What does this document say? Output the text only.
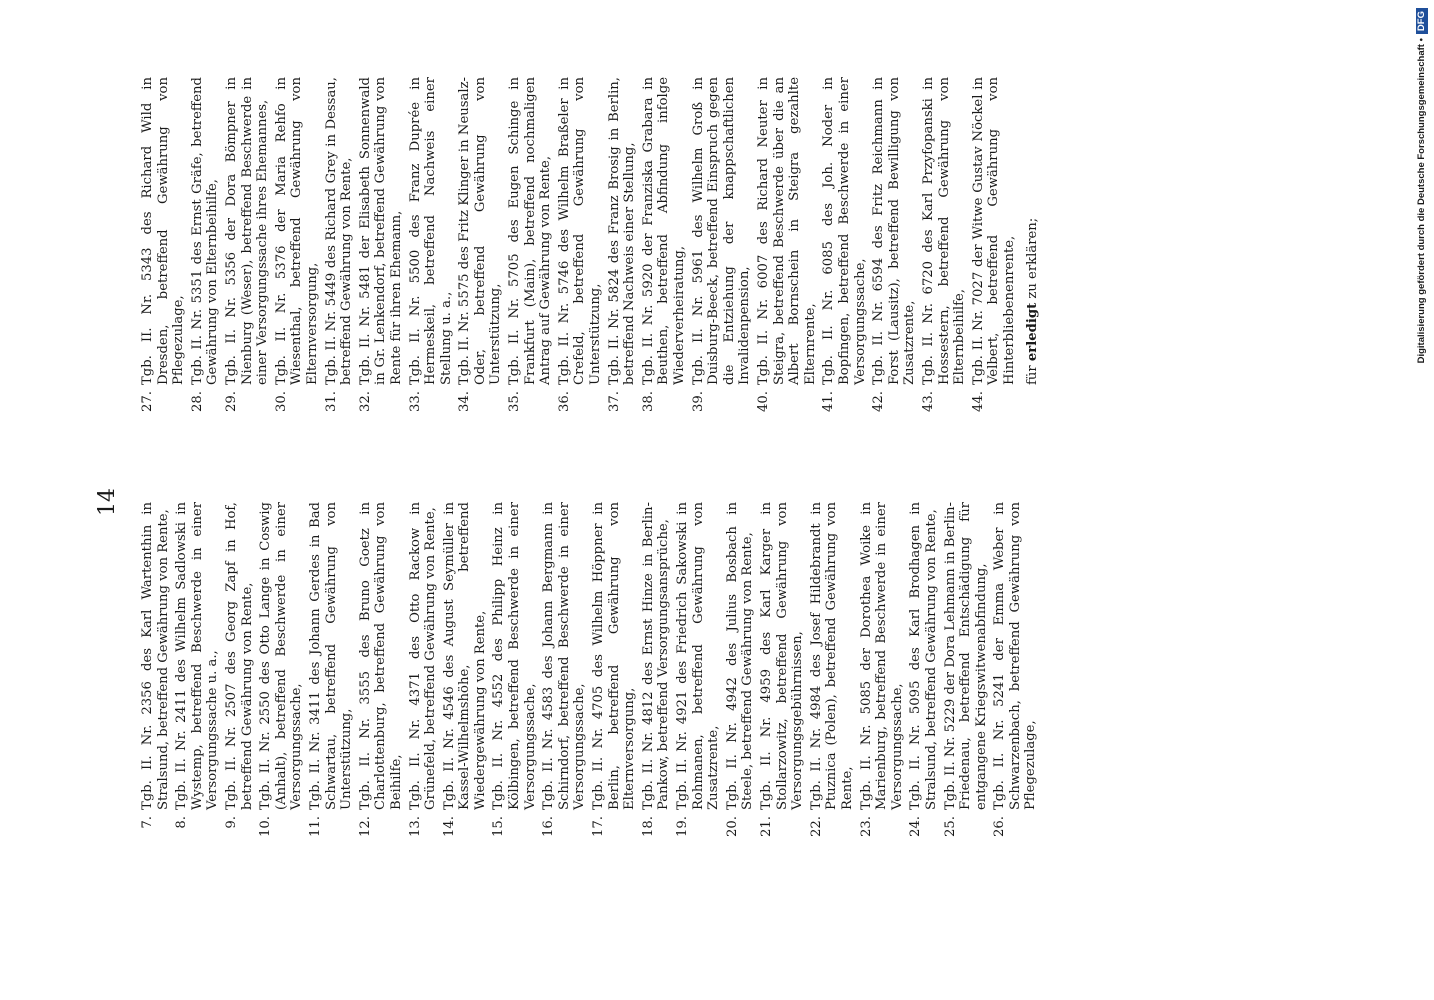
14
7.
Tgb. II. Nr. 2356 des Karl Wartenthin in Stralsund, betreffend Gewährung von Rente,
8.
Tgb. II. Nr. 2411 des Wilhelm Sadlowski in Wystemp, betreffend Beschwerde in einer Versorgungssache u. a.,
9.
Tgb. II. Nr. 2507 des Georg Zapf in Hof, betreffend Gewährung von Rente,
10.
Tgb. II. Nr. 2550 des Otto Lange in Coswig (Anhalt), betreffend Beschwerde in einer Versorgungssache,
11.
Tgb. II. Nr. 3411 des Johann Gerdes in Bad Schwartau, betreffend Gewährung von Unterstützung,
12.
Tgb. II. Nr. 3555 des Bruno Goetz in Charlottenburg, betreffend Gewährung von Beihilfe,
13.
Tgb. II. Nr. 4371 des Otto Rackow in Grünefeld, betreffend Gewährung von Rente,
14.
Tgb. II. Nr. 4546 des August Seymüller in Kassel-Wilhelmshöhe, betreffend Wiedergewährung von Rente,
15.
Tgb. II. Nr. 4552 des Philipp Heinz in Kölbingen, betreffend Beschwerde in einer Versorgungssache,
16.
Tgb. II. Nr. 4583 des Johann Bergmann in Schirndorf, betreffend Beschwerde in einer Versorgungssache,
17.
Tgb. II. Nr. 4705 des Wilhelm Höppner in Berlin, betreffend Gewährung von Elternversorgung,
18.
Tgb. II. Nr. 4812 des Ernst Hinze in Berlin-Pankow, betreffend Versorgungsansprüche,
19.
Tgb. II. Nr. 4921 des Friedrich Sakowski in Rohmanen, betreffend Gewährung von Zusatzrente,
20.
Tgb. II. Nr. 4942 des Julius Bosbach in Steele, betreffend Gewährung von Rente,
21.
Tgb. II. Nr. 4959 des Karl Karger in Stollarzowitz, betreffend Gewährung von Versorgungsgebührnissen,
22.
Tgb. II. Nr. 4984 des Josef Hildebrandt in Ptuznica (Polen), betreffend Gewährung von Rente,
23.
Tgb. II. Nr. 5085 der Dorothea Woike in Marienburg, betreffend Beschwerde in einer Versorgungssache,
24.
Tgb. II. Nr. 5095 des Karl Brodhagen in Stralsund, betreffend Gewährung von Rente,
25.
Tgb. II. Nr. 5229 der Dora Lehmann in Berlin-Friedenau, betreffend Entschädigung für entgangene Kriegswitwenabfindung,
26.
Tgb. II. Nr. 5241 der Emma Weber in Schwarzenbach, betreffend Gewährung von Pflegezulage,
27.
Tgb. II. Nr. 5343 des Richard Wild in Dresden, betreffend Gewährung von Pflegezulage,
28.
Tgb. II. Nr. 5351 des Ernst Gräfe, betreffend Gewährung von Elternbeihilfe,
29.
Tgb. II. Nr. 5356 der Dora Bömpner in Nienburg (Weser), betreffend Beschwerde in einer Versorgungssache ihres Ehemannes,
30.
Tgb. II. Nr. 5376 der Maria Rehfo in Wiesenthal, betreffend Gewährung von Elternversorgung,
31.
Tgb. II. Nr. 5449 des Richard Grey in Dessau, betreffend Gewährung von Rente,
32.
Tgb. II. Nr. 5481 der Elisabeth Sonnenwald in Gr. Lenkendorf, betreffend Gewährung von Rente für ihren Ehemann,
33.
Tgb. II. Nr. 5500 des Franz Duprée in Hermeskeil, betreffend Nachweis einer Stellung u. a.,
34.
Tgb. II. Nr. 5575 des Fritz Klinger in Neusalz-Oder, betreffend Gewährung von Unterstützung,
35.
Tgb. II. Nr. 5705 des Eugen Schinge in Frankfurt (Main), betreffend nochmaligen Antrag auf Gewährung von Rente,
36.
Tgb. II. Nr. 5746 des Wilhelm Braßeler in Crefeld, betreffend Gewährung von Unterstützung,
37.
Tgb. II. Nr. 5824 des Franz Brosig in Berlin, betreffend Nachweis einer Stellung,
38.
Tgb. II. Nr. 5920 der Franziska Grabara in Beuthen, betreffend Abfindung infolge Wiederverheiratung,
39.
Tgb. II. Nr. 5961 des Wilhelm Groß in Duisburg-Beeck, betreffend Einspruch gegen die Entziehung der knappschaftlichen Invalidenpension,
40.
Tgb. II. Nr. 6007 des Richard Neuter in Steigra, betreffend Beschwerde über die an Albert Bornschein in Steigra gezahlte Elternrente,
41.
Tgb. II. Nr. 6085 des Joh. Noder in Bopfingen, betreffend Beschwerde in einer Versorgungssache,
42.
Tgb. II. Nr. 6594 des Fritz Reichmann in Forst (Lausitz), betreffend Bewilligung von Zusatzrente,
43.
Tgb. II. Nr. 6720 des Karl Przyfopanski in Hossestern, betreffend Gewährung von Elternbeihilfe,
44.
Tgb. II. Nr. 7027 der Witwe Gustav Nöckel in Velbert, betreffend Gewährung von Hinterbliebenenrente, für erledigt zu erklären;	Digitalisierung gefördert durch die Deutsche Forschungsgemeinschaft •DFG
